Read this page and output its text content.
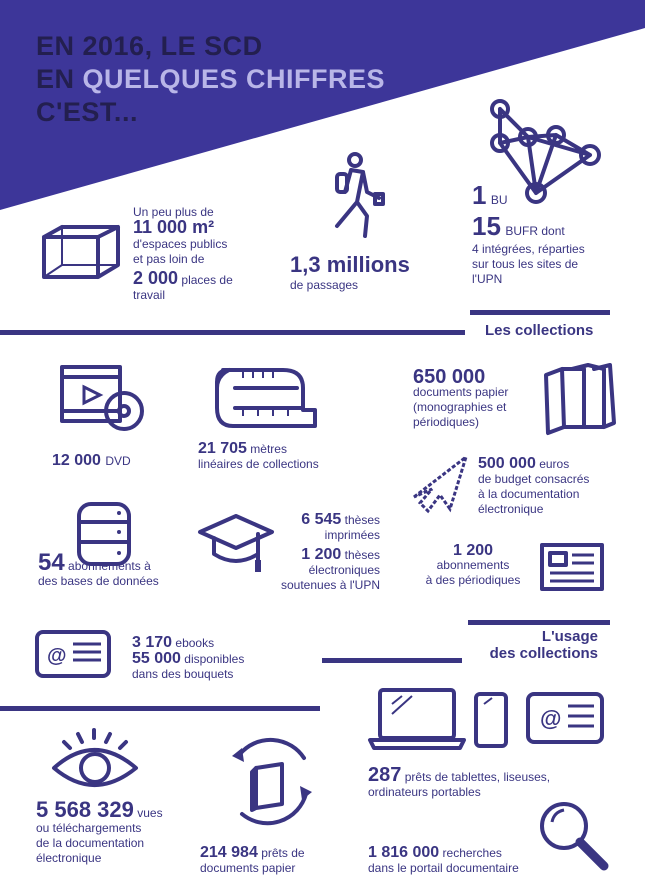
EN 2016, LE SCD
EN QUELQUES CHIFFRES
C'EST...
Un peu plus de
11 000 m²
d'espaces publics
et pas loin de
2 000 places de
travail
1,3 millions
de passages
1 BU
15 BUFR dont
4 intégrées, réparties
sur tous les sites de
l'UPN
Les collections
12 000 DVD
21 705 mètres
linéaires de collections
650 000
documents papier
(monographies et
périodiques)
500 000 euros
de budget consacrés
à la documentation
électronique
54 abonnements à
des bases de données
6 545 thèses
imprimées
1 200 thèses
électroniques
soutenues à l'UPN
1 200
abonnements
à des périodiques
L'usage
des collections
@
3 170 ebooks
55 000 disponibles
dans des bouquets
@
287 prêts de tablettes, liseuses,
ordinateurs portables
5 568 329 vues
ou téléchargements
de la documentation
électronique	214 984 prêts de
documents papier
1 816 000 recherches
dans le portail documentaire
